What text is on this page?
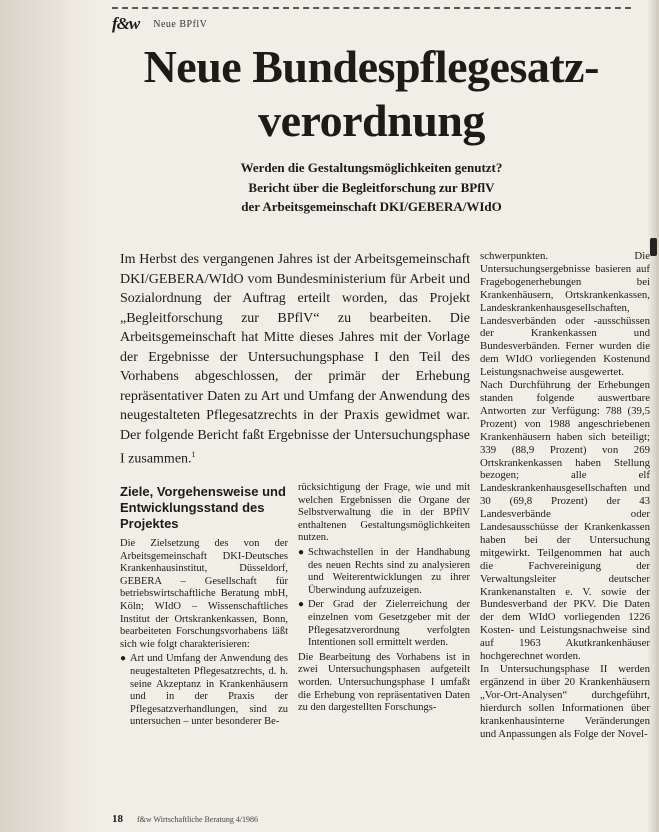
f&w Neue BPflV
Neue Bundespflegesatzverordnung

Werden die Gestaltungsmöglichkeiten genutzt?

Bericht über die Begleitforschung zur BPflV
der Arbeitsgemeinschaft DKI/GEBERA/WIdO

Im Herbst des vergangenen Jahres ist der Arbeitsgemeinschaft DKI/GEBERA/WIdO vom Bundesministerium für Arbeit und Sozialordnung der Auftrag erteilt worden, das Projekt „Begleitforschung zur BPflV“ zu bearbeiten. Die Arbeitsgemeinschaft hat Mitte dieses Jahres mit der Vorlage der Ergebnisse der Untersuchungsphase I den Teil des Vorhabens abgeschlossen, der primär der Erhebung repräsentativer Daten zu Art und Umfang der Anwendung des neugestalteten Pflegesatzrechts in der Praxis gewidmet war. Der folgende Bericht faßt Ergebnisse der Untersuchungsphase I zusammen.$^1$

schwerpunkten. Die Untersuchungsergebnisse basieren auf Fragebogenerhebungen bei Krankenhäusern, Ortskrankenkassen, Landeskrankenhausgesellschaften, Landesverbänden oder -ausschüssen der Krankenkassen und Bundesverbänden. Ferner wurden die dem WIdO vorliegenden Kostenund Leistungsnachweise ausgewertet.

Nach Durchführung der Erhebungen standen folgende auswertbare Antworten zur Verfügung: 788 (39,5 Prozent) von 1988 angeschriebenen Krankenhäusern haben sich beteiligt; 339 (88,9 Prozent) von 269 Ortskrankenkassen haben Stellung bezogen; alle elf Landeskrankenhausgesellschaften und 30 (69,8 Prozent) der 43 Landesverbände oder Landesausschüsse der Krankenkassen haben bei der Untersuchung mitgewirkt. Teilgenommen hat auch die Fachvereinigung der Verwaltungsleiter deutscher Krankenanstalten e. V. sowie der Bundesverband der PKV. Die Daten der dem WIdO vorliegenden 1226 Kosten- und Leistungsnachweise sind auf 1963 Akutkrankenhäuser hochgerechnet worden.

In Untersuchungsphase II werden ergänzend in über 20 Krankenhäusern „Vor-Ort-Analysen“ durchgeführt, hierdurch sollen Informationen über krankenhausinterne Veränderungen und Anpassungen als Folge der Novel-

Ziele, Vorgehensweise und Entwicklungsstand des Projektes

Die Zielsetzung des von der Arbeitsgemeinschaft DKI-Deutsches Krankenhausinstitut, Düsseldorf, GEBERA – Gesellschaft für betriebswirtschaftliche Beratung mbH, Köln; WIdO – Wissenschaftliches Institut der Ortskrankenkassen, Bonn, bearbeiteten Forschungsvorhabens läßt sich wie folgt charakterisieren:

● Art und Umfang der Anwendung des neugestalteten Pflegesatzrechts, d. h. seine Akzeptanz in Krankenhäusern und in der Praxis der Pflegesatzverhandlungen, sind zu untersuchen – unter besonderer Be-

rücksichtigung der Frage, wie und mit welchen Ergebnissen die Organe der Selbstverwaltung die in der BPflV enthaltenen Gestaltungsmöglichkeiten nutzen.

● Schwachstellen in der Handhabung des neuen Rechts sind zu analysieren und Weiterentwicklungen zu ihrer Überwindung aufzuzeigen.
● Der Grad der Zielerreichung der einzelnen vom Gesetzgeber mit der Pflegesatzverordnung verfolgten Intentionen soll ermittelt werden.

Die Bearbeitung des Vorhabens ist in zwei Untersuchungsphasen aufgeteilt worden. Untersuchungsphase I umfaßt die Erhebung von repräsentativen Daten zu den dargestellten Forschungs-

18 f&w Wirtschaftliche Beratung 4/1986
